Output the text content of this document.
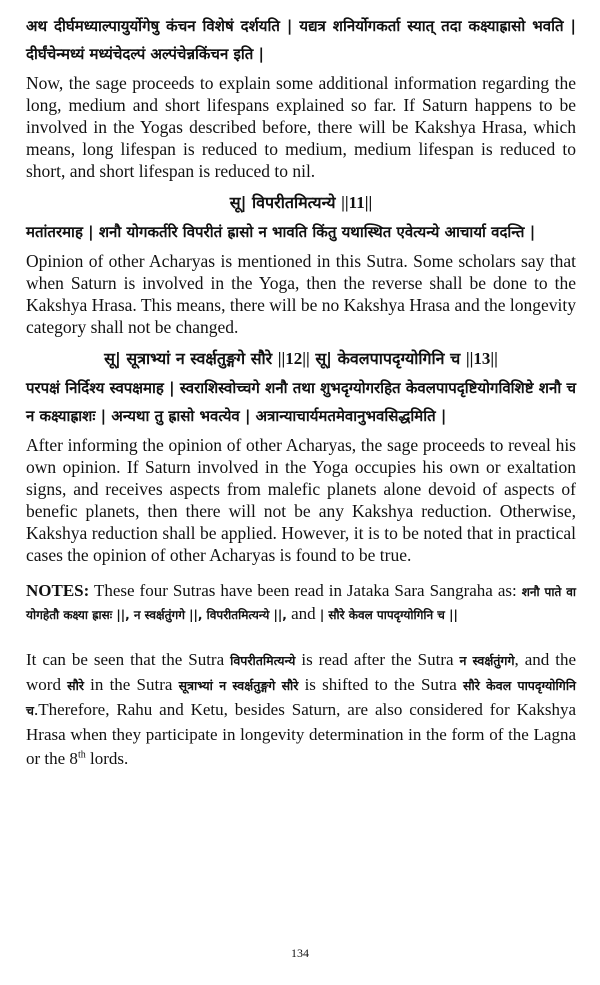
अथ दीर्घमध्याल्पायुर्योगेषु कंचन विशेषं दर्शयति | यद्यत्र शनिर्योगकर्ता स्यात् तदा कक्ष्याह्रासो भवति | दीर्घंचेन्मध्यं मध्यंचेदल्पं अल्पंचेन्नकिंचन इति |

Now, the sage proceeds to explain some additional information regarding the long, medium and short lifespans explained so far. If Saturn happens to be involved in the Yogas described before, there will be Kakshya Hrasa, which means, long lifespan is reduced to medium, medium lifespan is reduced to short, and short lifespan is reduced to nil.

सू| विपरीतमित्यन्ये ||11||

मतांतरमाह | शनौ योगकर्तरि विपरीतं ह्रासो न भावति किंतु यथास्थित एवेत्यन्ये आचार्या वदन्ति |

Opinion of other Acharyas is mentioned in this Sutra. Some scholars say that when Saturn is involved in the Yoga, then the reverse shall be done to the Kakshya Hrasa. This means, there will be no Kakshya Hrasa and the longevity category shall not be changed.

सू| सूत्राभ्यां न स्वर्क्षतुङ्गगे सौरे ||12|| सू| केवलपापदृग्योगिनि च ||13||

परपक्षं निर्दिश्य स्वपक्षमाह | स्वराशिस्वोच्चगे शनौ तथा शुभदृग्योगरहित केवलपापदृष्टियोगविशिष्टे शनौ च न कक्ष्याह्राशः | अन्यथा तु ह्रासो भवत्येव | अत्रान्याचार्यमतमेवानुभवसिद्धमिति |

After informing the opinion of other Acharyas, the sage proceeds to reveal his own opinion. If Saturn involved in the Yoga occupies his own or exaltation signs, and receives aspects from malefic planets alone devoid of aspects of benefic planets, then there will not be any Kakshya reduction. Otherwise, Kakshya reduction shall be applied. However, it is to be noted that in practical cases the opinion of other Acharyas is found to be true.

NOTES: These four Sutras have been read in Jataka Sara Sangraha as: शनौ पाते वा योगहेतौ कक्ष्या ह्रासः ||, न स्वर्क्षतुंगगे ||, विपरीतमित्यन्ये ||, and | सौरे केवल पापदृग्योगिनि च ||

It can be seen that the Sutra विपरीतमित्यन्ये is read after the Sutra न स्वर्क्षतुंगगे, and the word सौरे in the Sutra सूत्राभ्यां न स्वर्क्षतुङ्गगे सौरे is shifted to the Sutra सौरे केवल पापदृग्योगिनि च.Therefore, Rahu and Ketu, besides Saturn, are also considered for Kakshya Hrasa when they participate in longevity determination in the form of the Lagna or the 8th lords.

134
